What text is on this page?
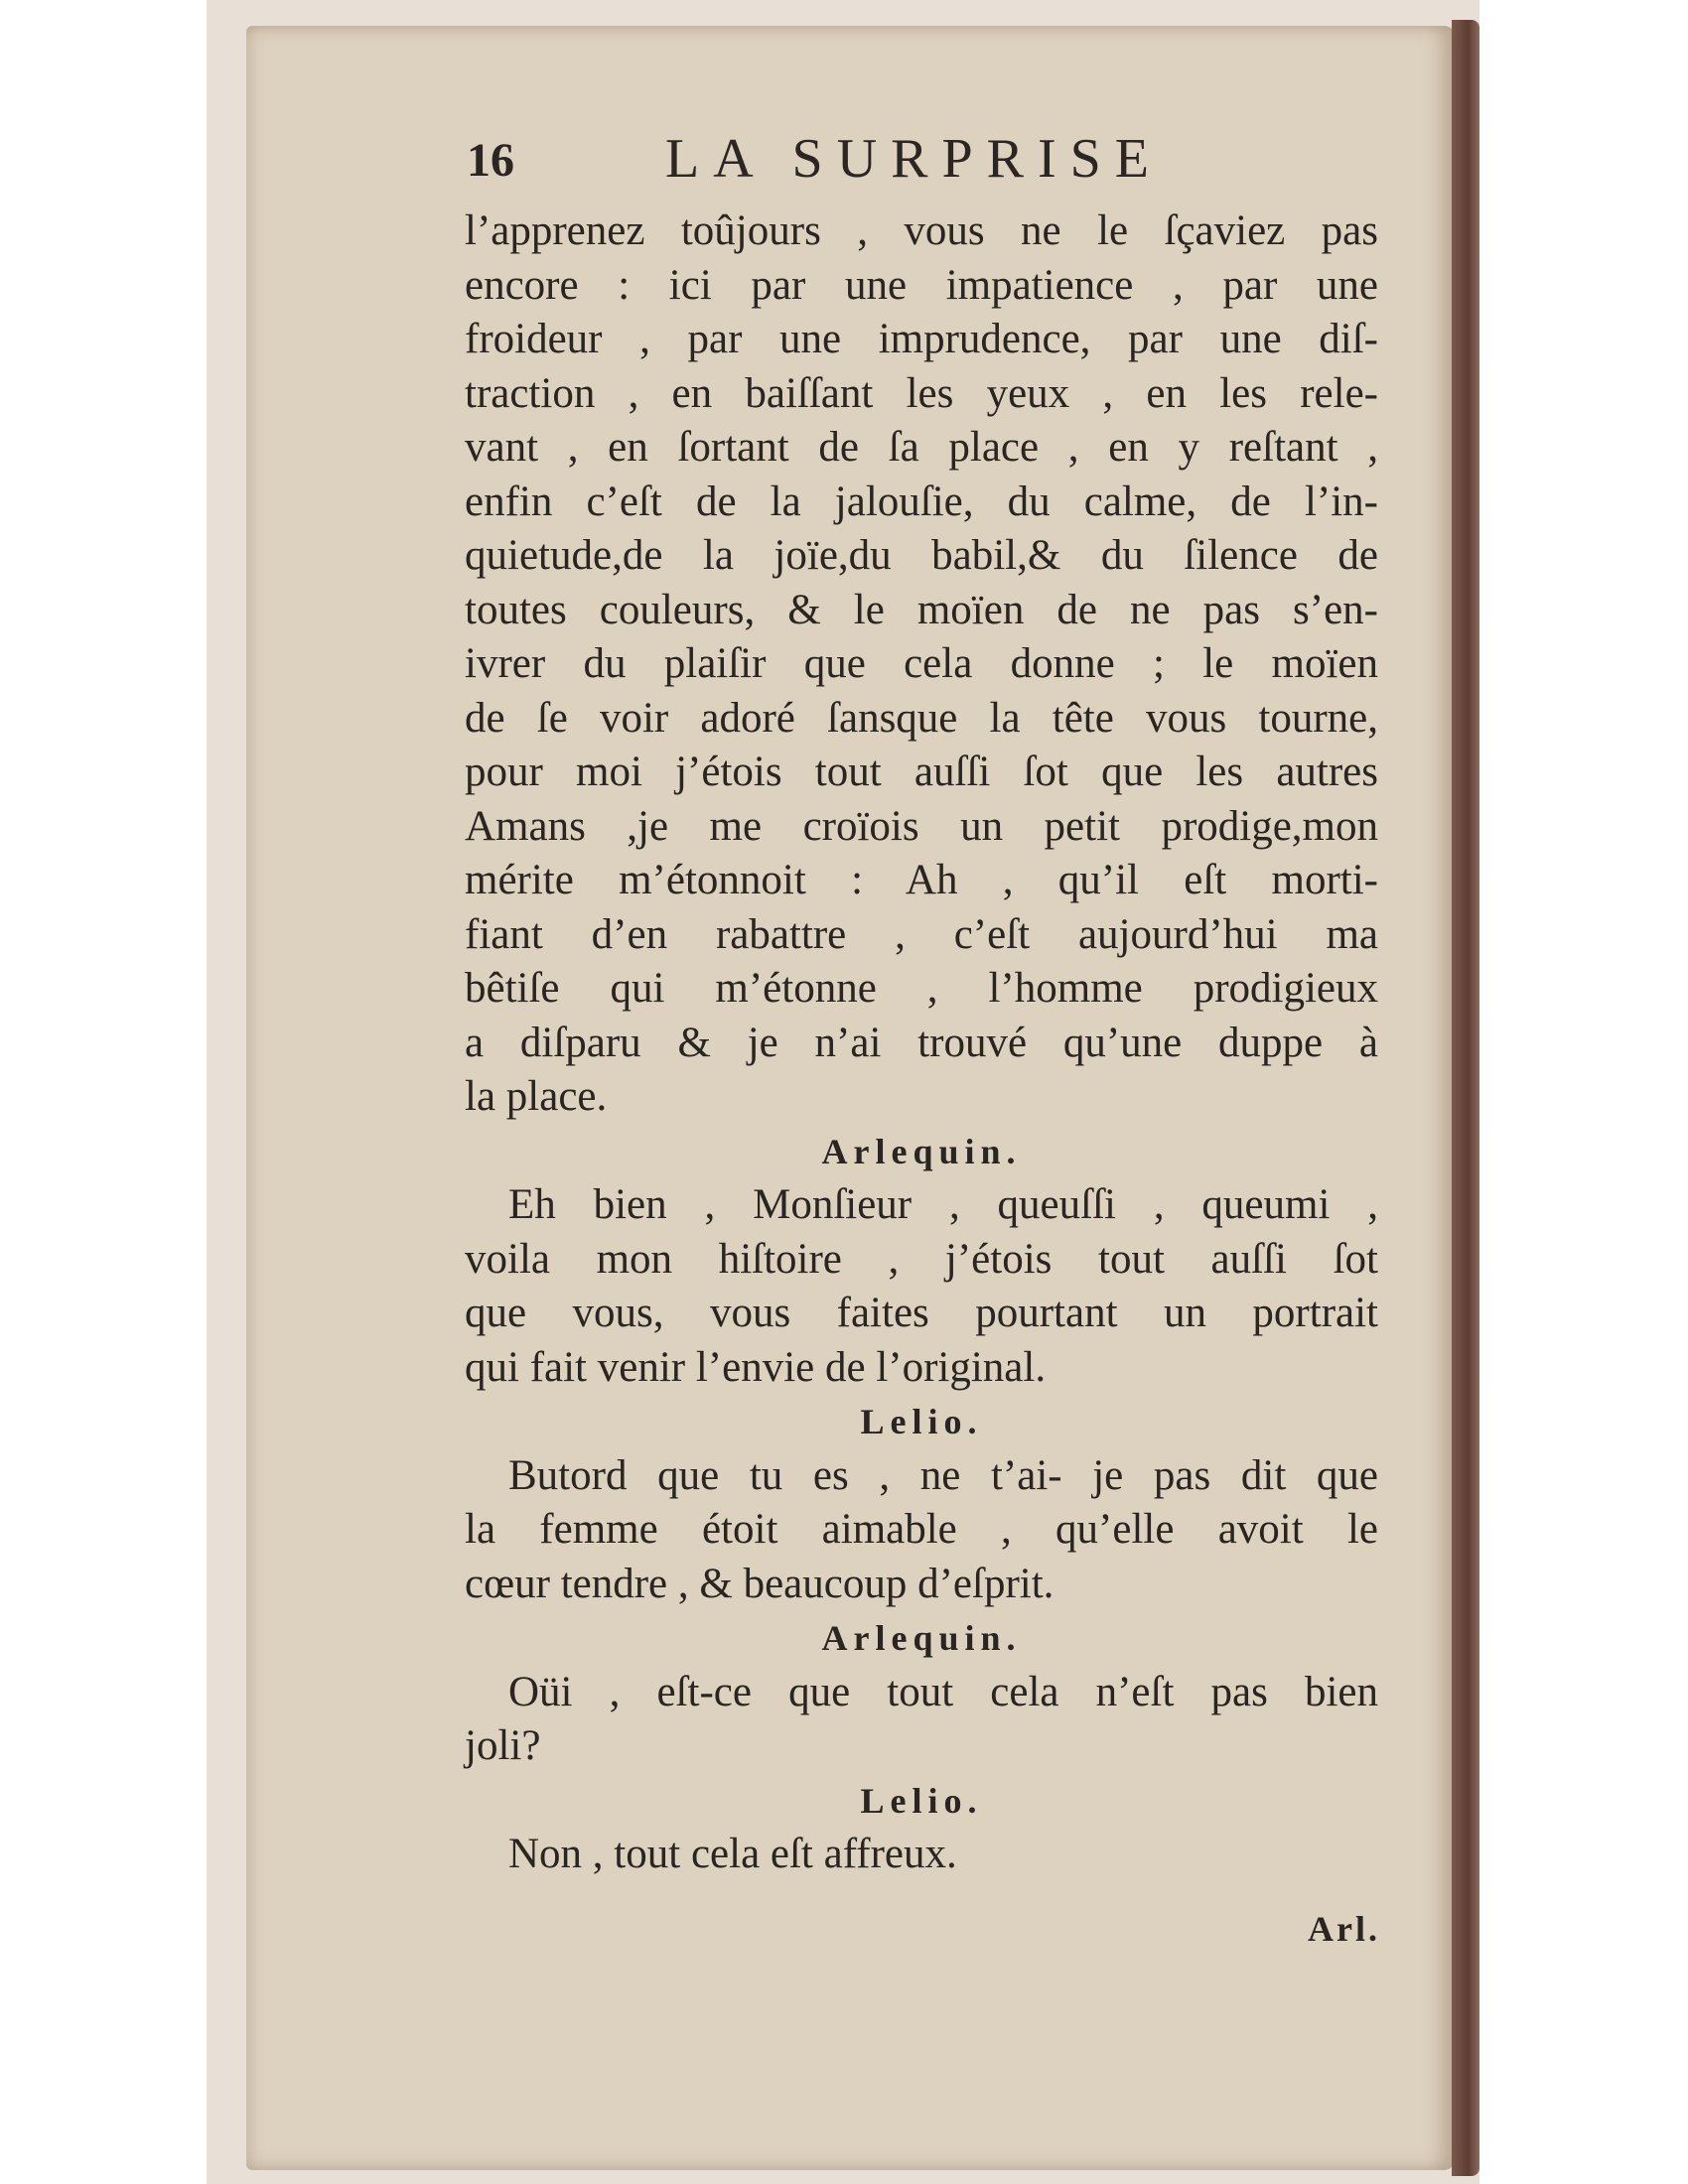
16	LA SURPRISE
l’apprenez toûjours , vous ne le ſçaviez pas
encore : ici par une impatience , par une
froideur , par une imprudence, par une diſ-
traction , en baiſſant les yeux , en les rele-
vant , en ſortant de ſa place , en y reſtant ,
enfin c’eſt de la jalouſie, du calme, de l’in-
quietude,de la joïe,du babil,& du ſilence de
toutes couleurs, & le moïen de ne pas s’en-
ivrer du plaiſir que cela donne ; le moïen
de ſe voir adoré ſansque la tête vous tourne,
pour moi j’étois tout auſſi ſot que les autres
Amans ,je me croïois un petit prodige,mon
mérite m’étonnoit : Ah , qu’il eſt morti-
fiant d’en rabattre , c’eſt aujourd’hui ma
bêtiſe qui m’étonne , l’homme prodigieux
a diſparu & je n’ai trouvé qu’une duppe à
la place.
Arlequin.
Eh bien , Monſieur , queuſſi , queumi ,
voila mon hiſtoire , j’étois tout auſſi ſot
que vous, vous faites pourtant un portrait
qui fait venir l’envie de l’original.
Lelio.
Butord que tu es , ne t’ai- je pas dit que
la femme étoit aimable , qu’elle avoit le
cœur tendre , & beaucoup d’eſprit.
Arlequin.
Oüi , eſt-ce que tout cela n’eſt pas bien
joli?
Lelio.
Non , tout cela eſt affreux.
Arl.
